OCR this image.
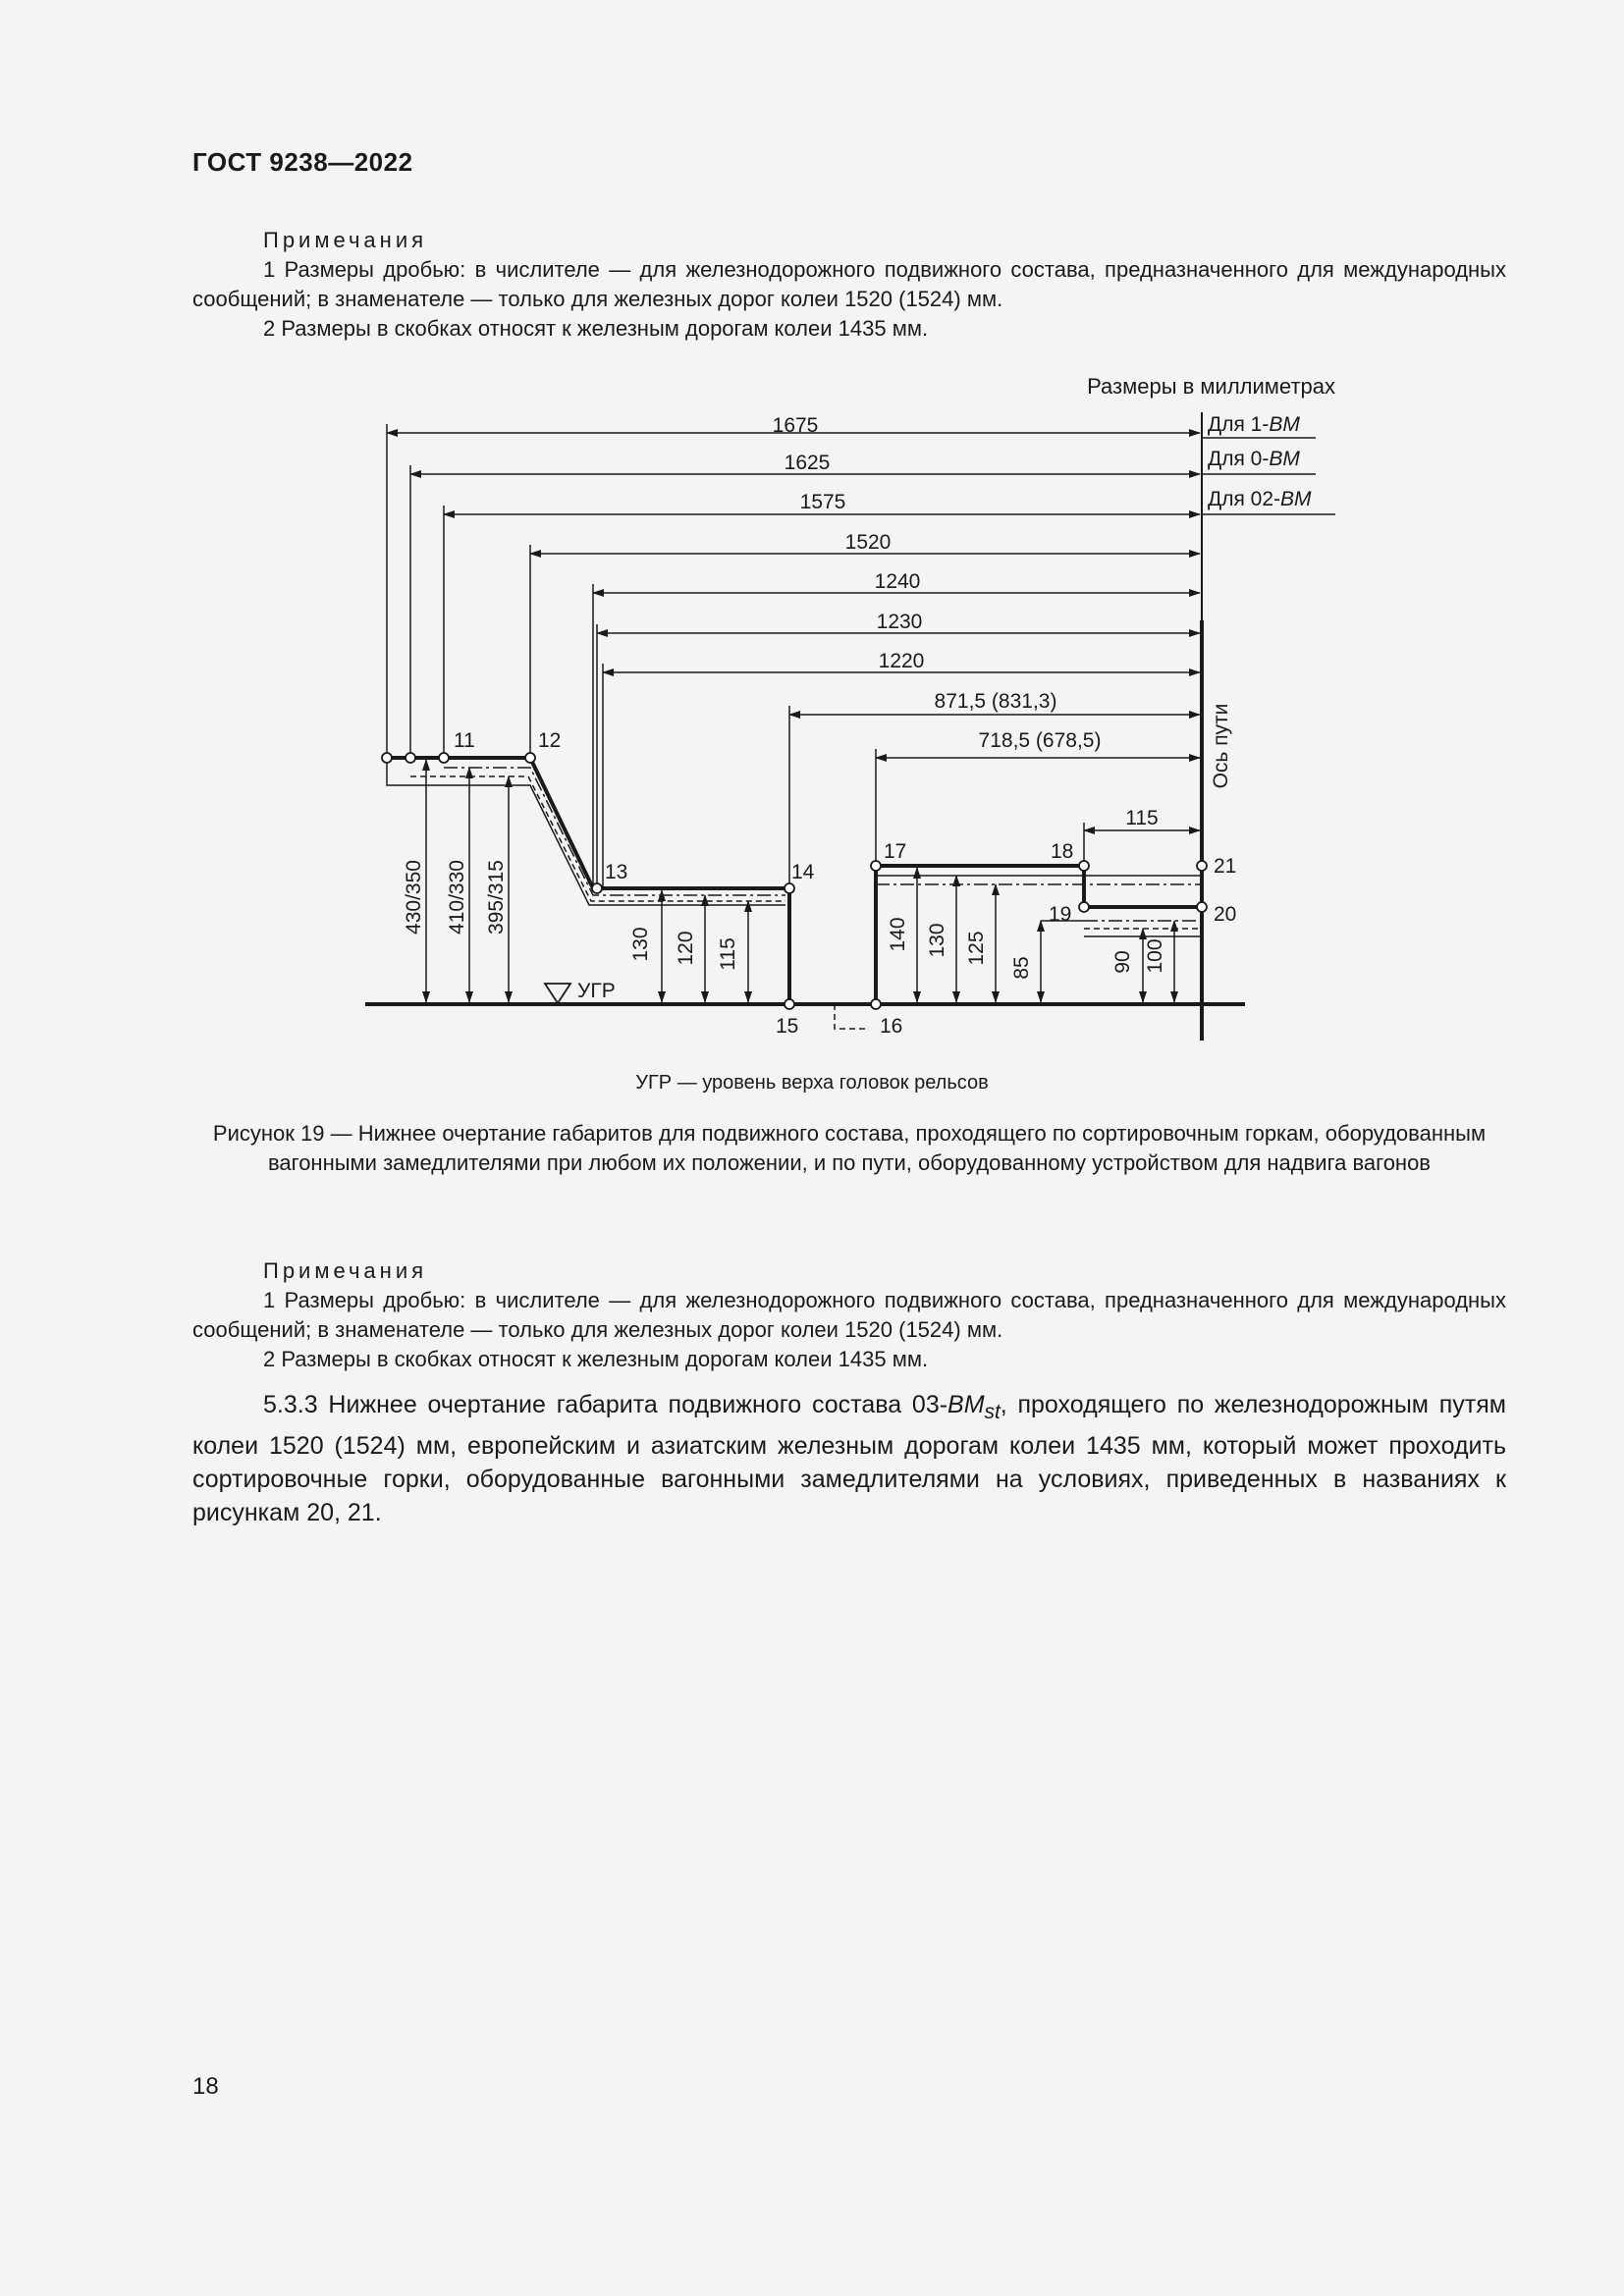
ГОСТ 9238—2022
Примечания
1 Размеры дробью: в числителе — для железнодорожного подвижного состава, предназначенного для международных сообщений; в знаменателе — только для железных дорог колеи 1520 (1524) мм.
2 Размеры в скобках относят к железным дорогам колеи 1435 мм.
Размеры в миллиметрах
Ось пути
Для 1-ВМ
Для 0-ВМ
Для 02-ВМ
1675
1625
1575
1520
1240
1230
1220
871,5 (831,3)
718,5 (678,5)
115
УГР
430/350 410/330 395/315
130 120 115
140 130 125
85	90 100
11	12
13	14
15	16
17	18
19	20
21
УГР — уровень верха головок рельсов
Рисунок 19 — Нижнее очертание габаритов для подвижного состава, проходящего по сортировочным горкам, оборудованным вагонными замедлителями при любом их положении, и по пути, оборудованному устройством для надвига вагонов
Примечания
1 Размеры дробью: в числителе — для железнодорожного подвижного состава, предназначенного для международных сообщений; в знаменателе — только для железных дорог колеи 1520 (1524) мм.
2 Размеры в скобках относят к железным дорогам колеи 1435 мм.
5.3.3 Нижнее очертание габарита подвижного состава $03-ВМ_{st}$, проходящего по железнодорожным путям колеи 1520 (1524) мм, европейским и азиатским железным дорогам колеи 1435 мм, который может проходить сортировочные горки, оборудованные вагонными замедлителями на условиях, приведенных в названиях к рисункам 20, 21.
18
